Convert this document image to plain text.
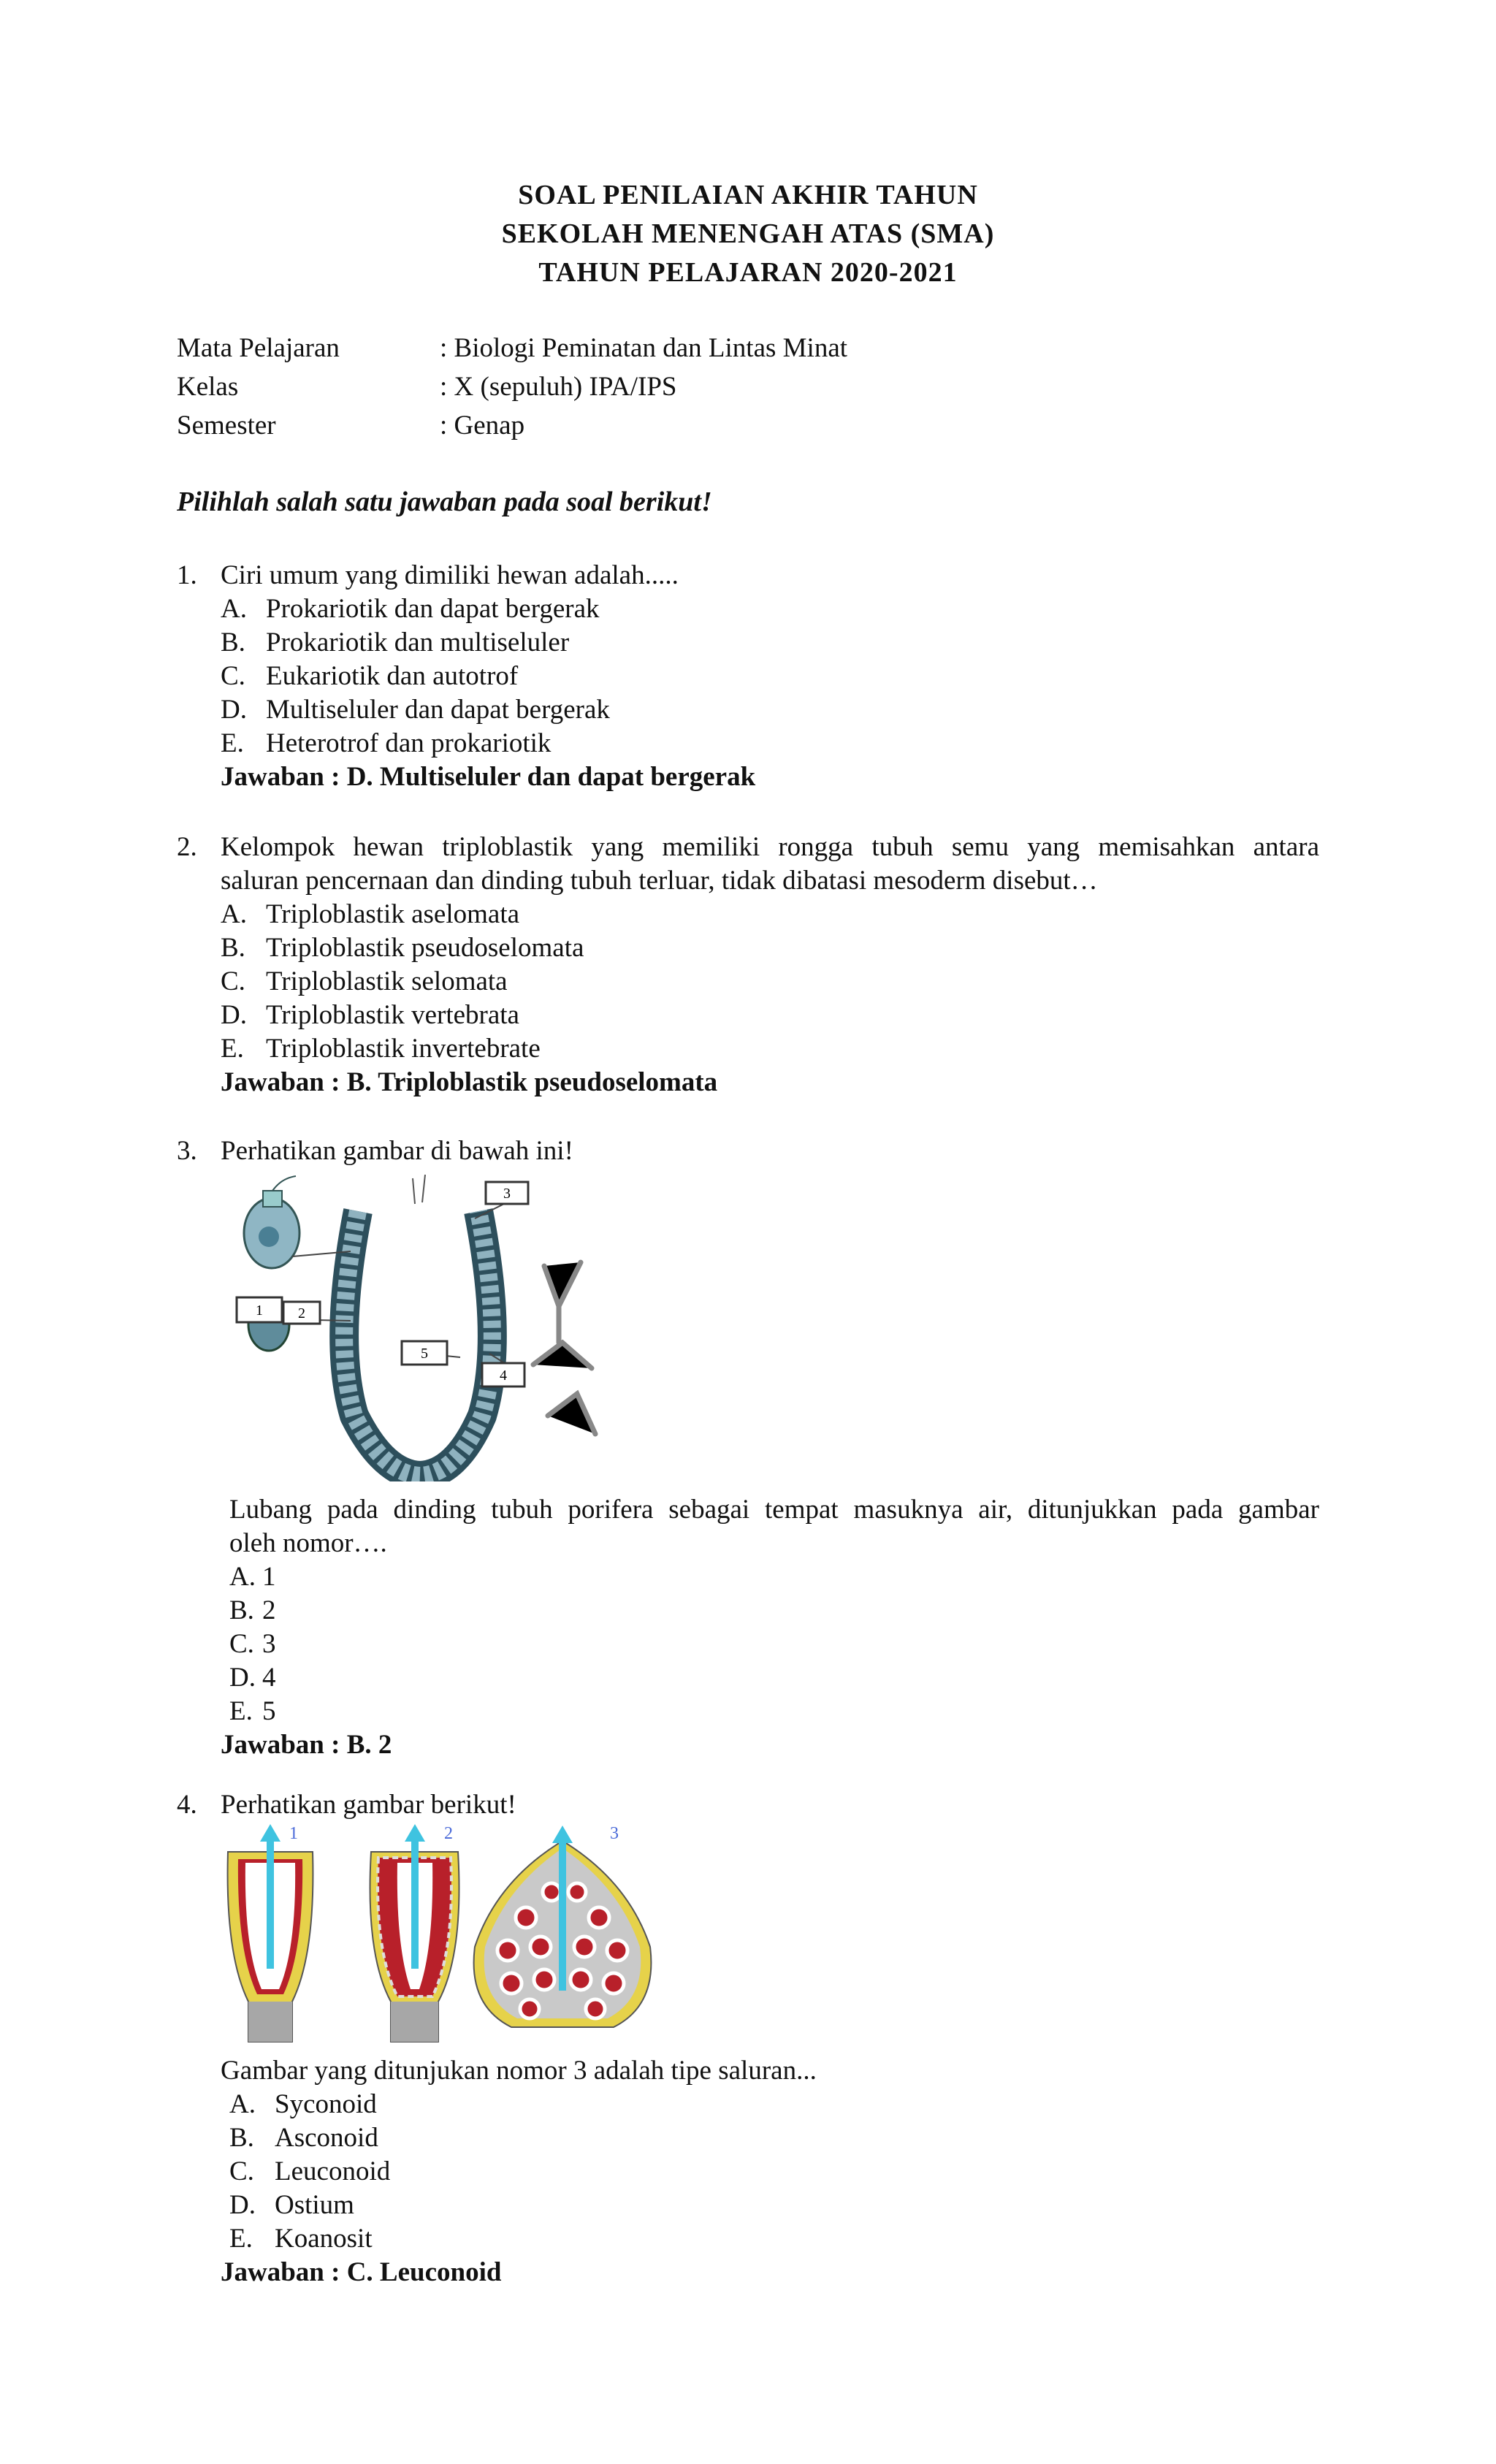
SOAL PENILAIAN AKHIR TAHUN
SEKOLAH MENENGAH ATAS (SMA)
TAHUN PELAJARAN 2020-2021
Mata Pelajaran	: Biologi Peminatan dan Lintas Minat
Kelas	: X (sepuluh) IPA/IPS
Semester	: Genap
Pilihlah salah satu jawaban pada soal berikut!
1. Ciri umum yang dimiliki hewan adalah.....
A. Prokariotik dan dapat bergerak
B. Prokariotik dan multiseluler
C. Eukariotik dan autotrof
D. Multiseluler dan dapat bergerak
E. Heterotrof dan prokariotik
Jawaban : D. Multiseluler dan dapat bergerak
2. Kelompok hewan triploblastik yang memiliki rongga tubuh semu yang memisahkan antara
saluran pencernaan dan dinding tubuh terluar, tidak dibatasi mesoderm disebut…
A. Triploblastik aselomata
B. Triploblastik pseudoselomata
C. Triploblastik selomata
D. Triploblastik vertebrata
E. Triploblastik invertebrate
Jawaban : B. Triploblastik pseudoselomata
3. Perhatikan gambar di bawah ini!
1 2
3
4
5
Lubang pada dinding tubuh porifera sebagai tempat masuknya air, ditunjukkan pada gambar
oleh nomor….
A. 1
B. 2
C. 3
D. 4
E. 5
Jawaban : B. 2
4. Perhatikan gambar berikut!
1	2	3
Gambar yang ditunjukan nomor 3 adalah tipe saluran...
A. Syconoid
B. Asconoid
C. Leuconoid
D. Ostium
E. Koanosit
Jawaban : C. Leuconoid
